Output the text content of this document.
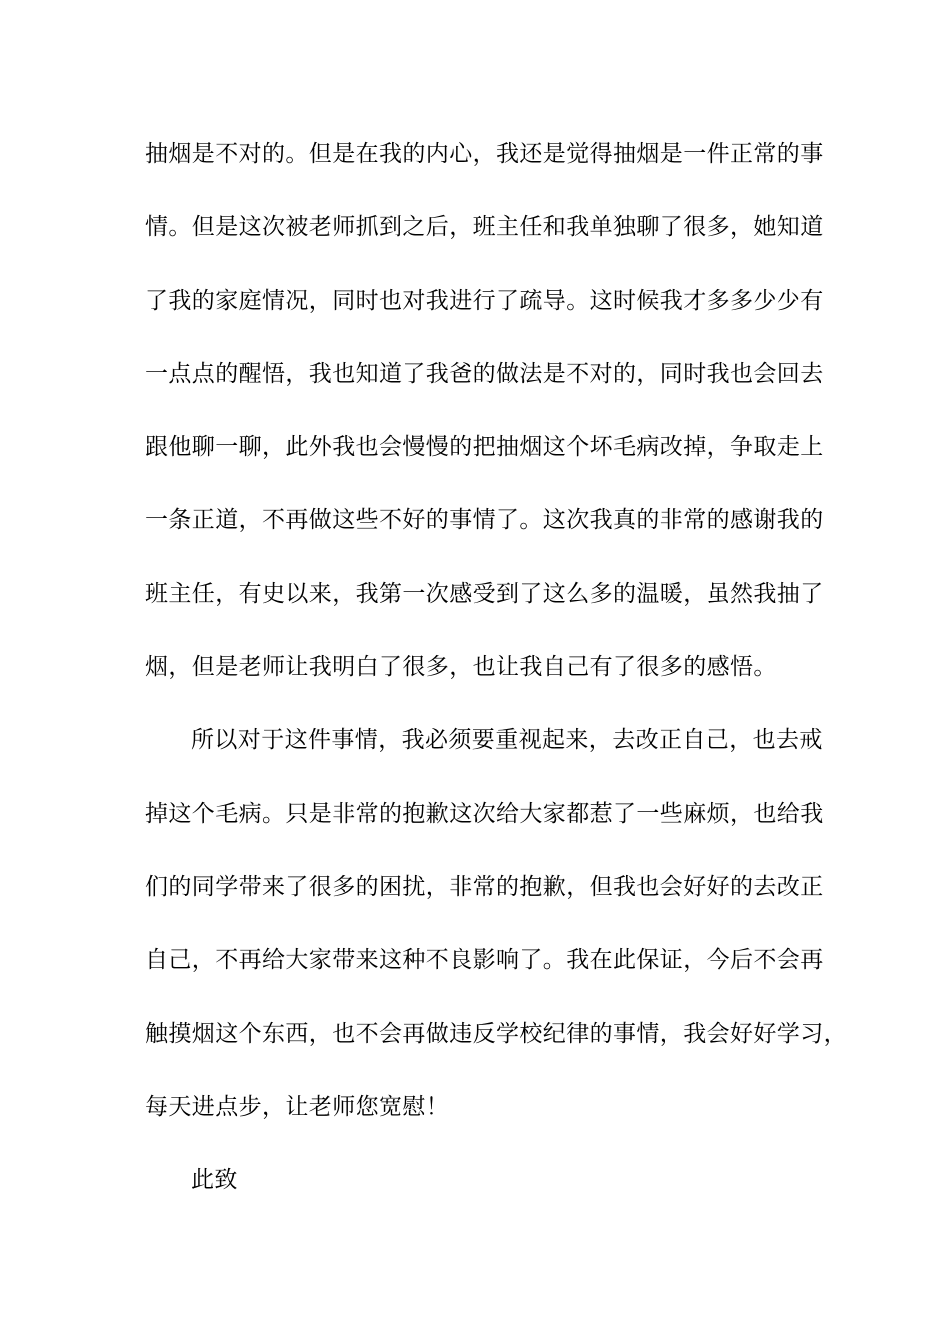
抽烟是不对的。但是在我的内心，我还是觉得抽烟是一件正常的事
情。但是这次被老师抓到之后，班主任和我单独聊了很多，她知道
了我的家庭情况，同时也对我进行了疏导。这时候我才多多少少有
一点点的醒悟，我也知道了我爸的做法是不对的，同时我也会回去
跟他聊一聊，此外我也会慢慢的把抽烟这个坏毛病改掉，争取走上
一条正道，不再做这些不好的事情了。这次我真的非常的感谢我的
班主任，有史以来，我第一次感受到了这么多的温暖，虽然我抽了
烟，但是老师让我明白了很多，也让我自己有了很多的感悟。
所以对于这件事情，我必须要重视起来，去改正自己，也去戒
掉这个毛病。只是非常的抱歉这次给大家都惹了一些麻烦，也给我
们的同学带来了很多的困扰，非常的抱歉，但我也会好好的去改正
自己，不再给大家带来这种不良影响了。我在此保证，今后不会再
触摸烟这个东西，也不会再做违反学校纪律的事情，我会好好学习，
每天进点步，让老师您宽慰！
此致
